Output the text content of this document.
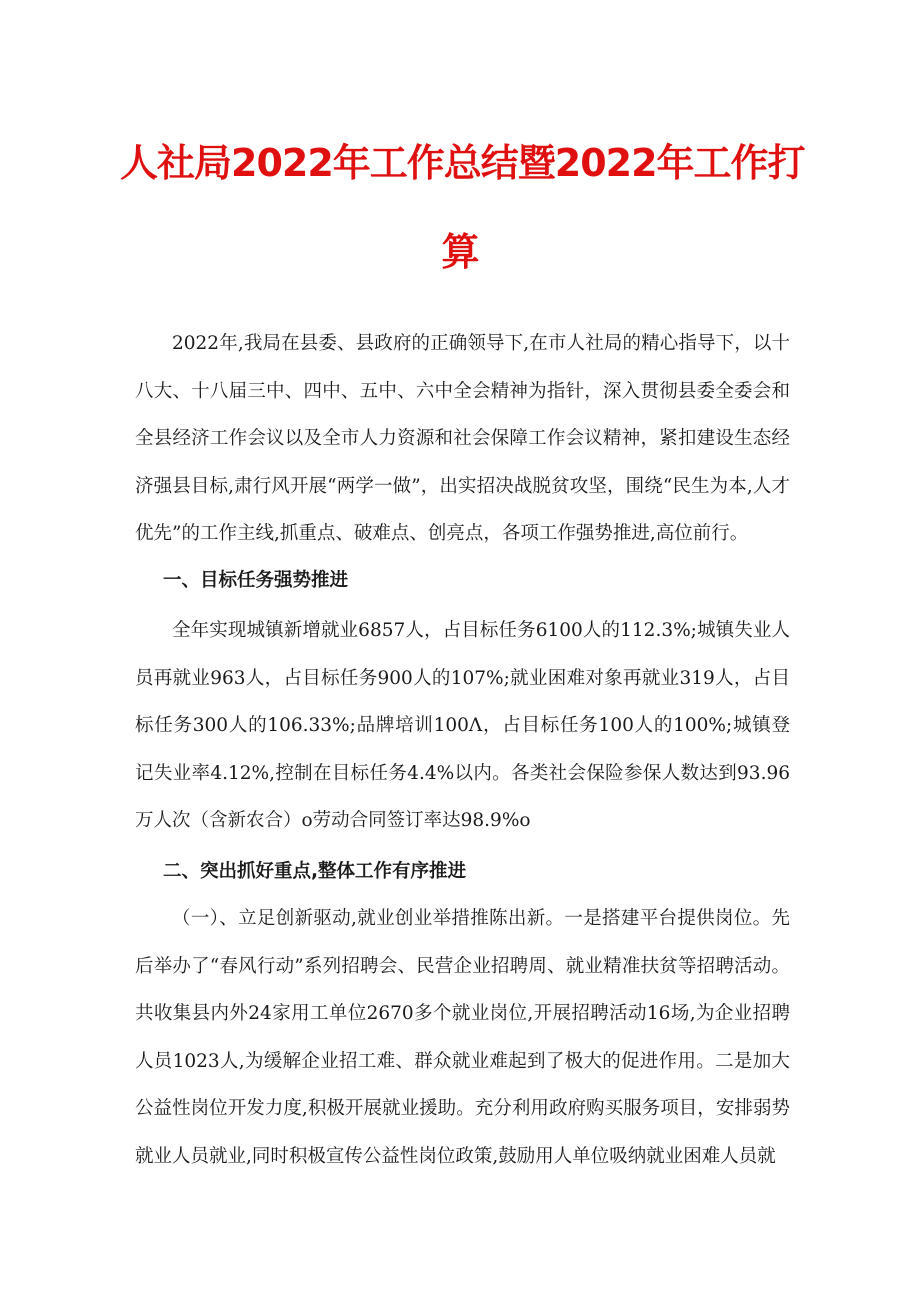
人社局2022年工作总结暨2022年工作打
算

2022年,我局在县委、县政府的正确领导下,在市人社局的精心指导下，以十八大、十八届三中、四中、五中、六中全会精神为指针，深入贯彻县委全委会和全县经济工作会议以及全市人力资源和社会保障工作会议精神，紧扣建设生态经济强县目标,肃行风开展“两学一做”，出实招决战脱贫攻坚，围绕“民生为本,人才优先”的工作主线,抓重点、破难点、创亮点，各项工作强势推进,高位前行。

一、目标任务强势推进

全年实现城镇新增就业6857人，占目标任务6100人的112.3%;城镇失业人员再就业963人，占目标任务900人的107%;就业困难对象再就业319人，占目标任务300人的106.33%;品牌培训100Λ，占目标任务100人的100%;城镇登记失业率4.12%,控制在目标任务4.4%以内。各类社会保险参保人数达到93.96万人次（含新农合）o劳动合同签订率达98.9%o

二、突出抓好重点,整体工作有序推进

（一）、立足创新驱动,就业创业举措推陈出新。一是搭建平台提供岗位。先后举办了“春风行动”系列招聘会、民营企业招聘周、就业精准扶贫等招聘活动。共收集县内外24家用工单位2670多个就业岗位,开展招聘活动16场,为企业招聘人员1023人,为缓解企业招工难、群众就业难起到了极大的促进作用。二是加大公益性岗位开发力度,积极开展就业援助。充分利用政府购买服务项目，安排弱势就业人员就业,同时积极宣传公益性岗位政策,鼓励用人单位吸纳就业困难人员就
